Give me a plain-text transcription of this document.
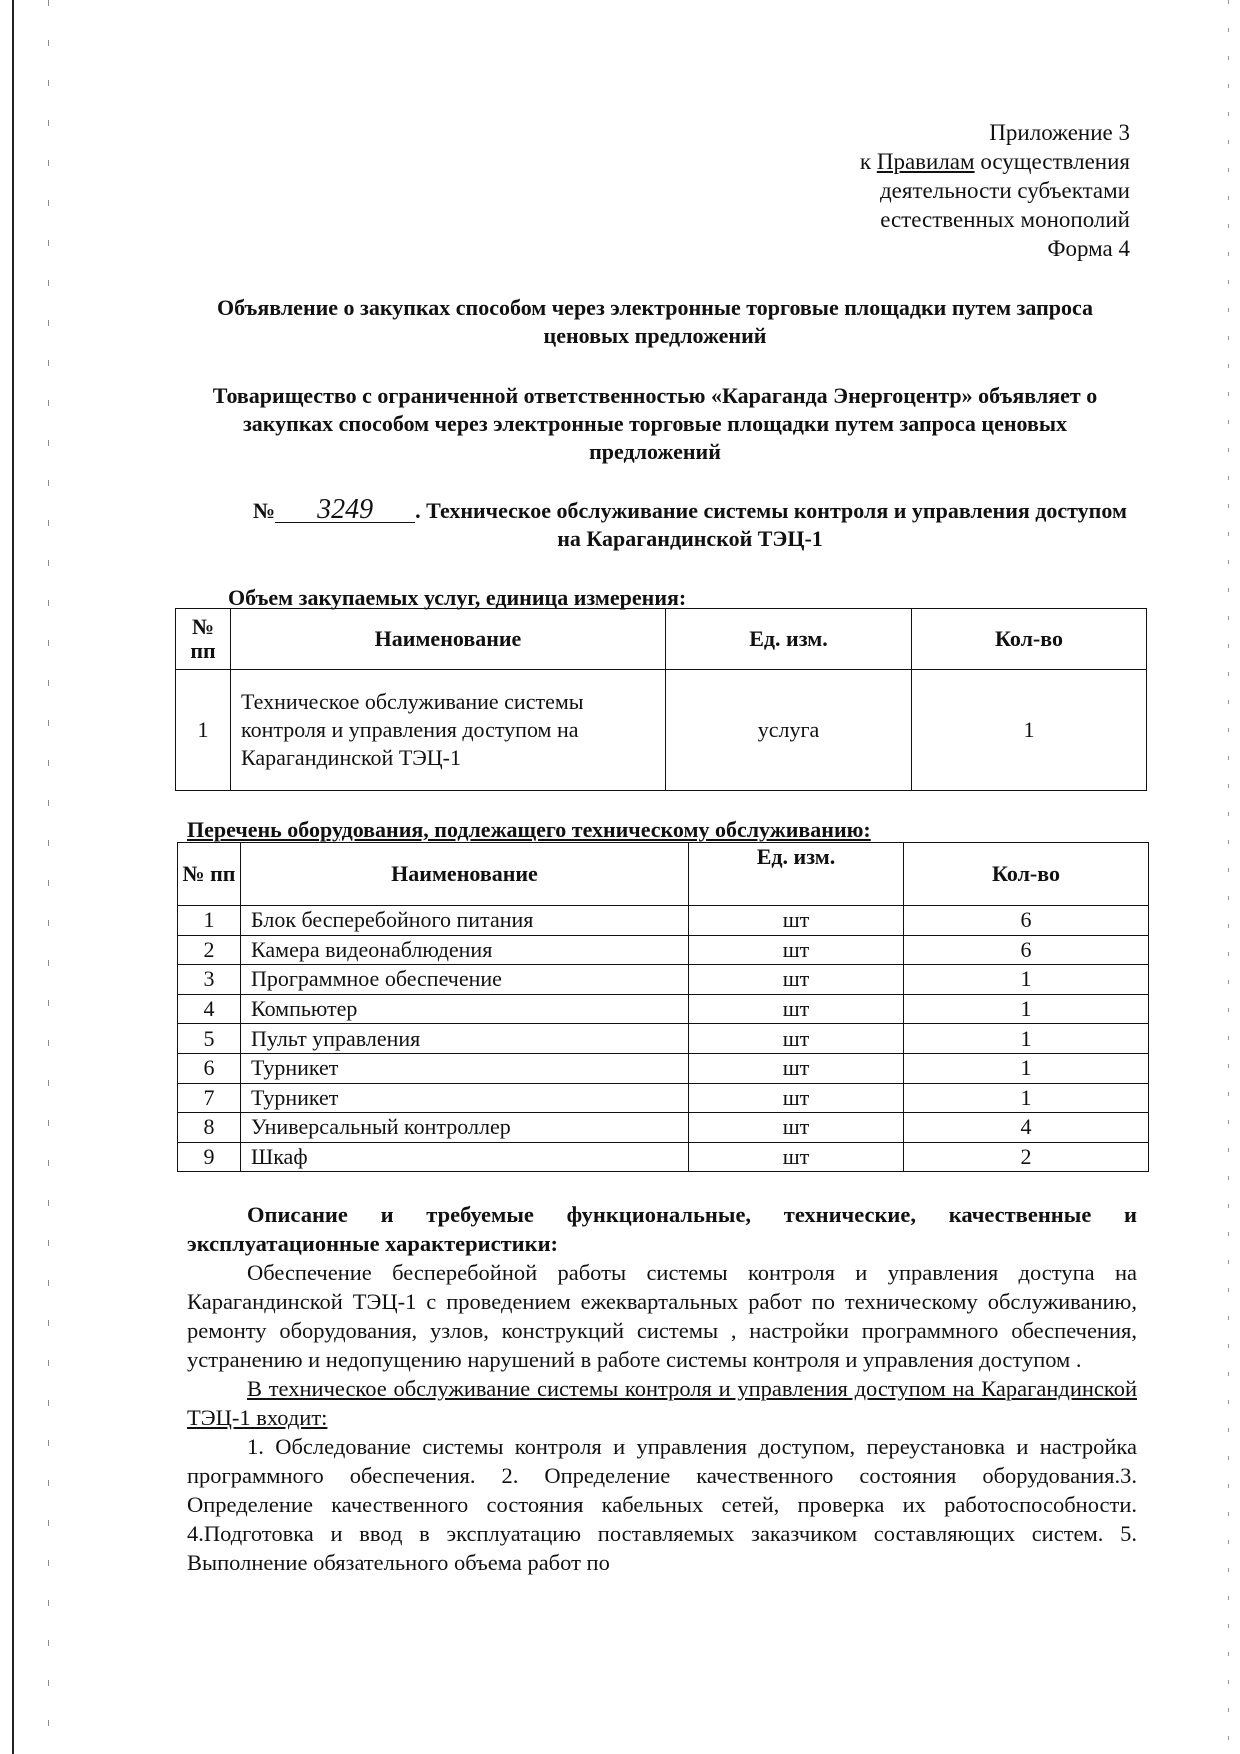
Приложение 3
к Правилам осуществления
деятельности субъектами
естественных монополий
Форма 4
Объявление о закупках способом через электронные торговые площадки путем запроса ценовых предложений
Товарищество с ограниченной ответственностью «Караганда Энергоцентр» объявляет о закупках способом через электронные торговые площадки путем запроса ценовых предложений
№ 3249 . Техническое обслуживание системы контроля и управления доступом на Карагандинской ТЭЦ-1
Объем закупаемых услуг, единица измерения:
№ пп	Наименование	Ед. изм.	Кол-во
1	Техническое обслуживание системы контроля и управления доступом на Карагандинской ТЭЦ-1	услуга	1
Перечень оборудования, подлежащего техническому обслуживанию:
№ пп	Наименование	Ед. изм.	Кол-во
1	Блок бесперебойного питания	шт	6
2	Камера видеонаблюдения	шт	6
3	Программное обеспечение	шт	1
4	Компьютер	шт	1
5	Пульт управления	шт	1
6	Турникет	шт	1
7	Турникет	шт	1
8	Универсальный контроллер	шт	4
9	Шкаф	шт	2

Описание и требуемые функциональные, технические, качественные и эксплуатационные характеристики:

Обеспечение бесперебойной работы системы контроля и управления доступа на Карагандинской ТЭЦ-1 с проведением ежеквартальных работ по техническому обслуживанию, ремонту оборудования, узлов, конструкций системы , настройки программного обеспечения, устранению и недопущению нарушений в работе системы контроля и управления доступом .

В техническое обслуживание системы контроля и управления доступом на Карагандинской ТЭЦ-1 входит:

1. Обследование системы контроля и управления доступом, переустановка и настройка программного обеспечения. 2. Определение качественного состояния оборудования.3. Определение качественного состояния кабельных сетей, проверка их работоспособности. 4.Подготовка и ввод в эксплуатацию поставляемых заказчиком составляющих систем. 5. Выполнение обязательного объема работ по
